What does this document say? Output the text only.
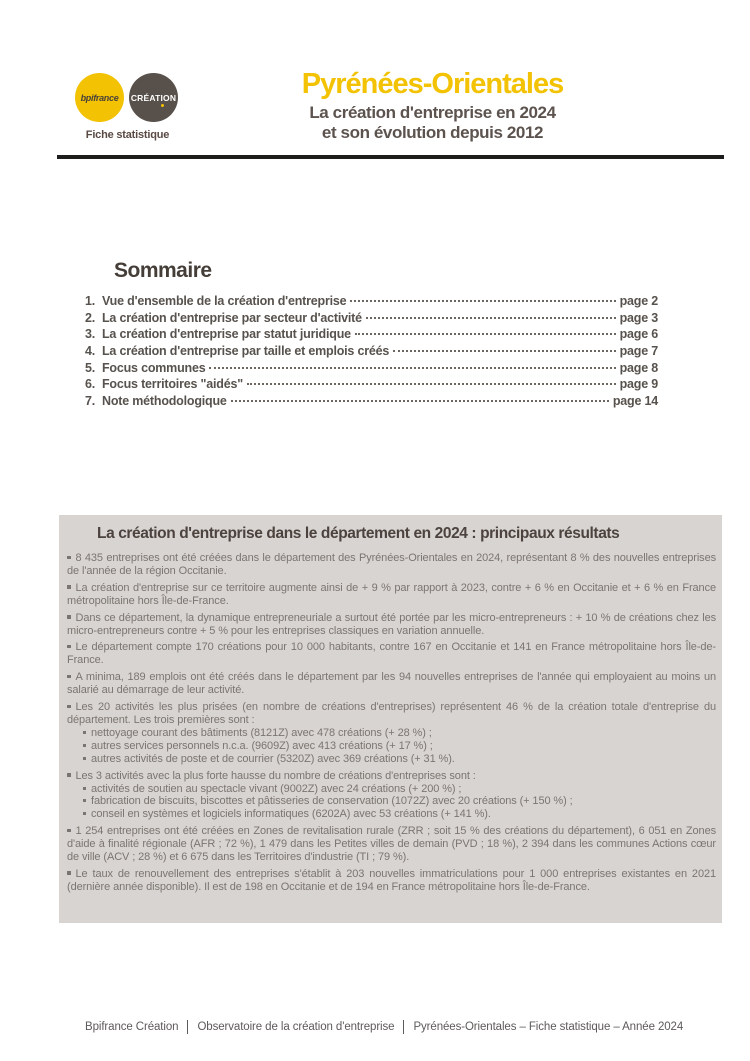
bpifrance CRÉATION
Fiche statistique
Pyrénées-Orientales
La création d'entreprise en 2024
et son évolution depuis 2012
Sommaire
1. Vue d'ensemble de la création d'entreprise	page 2
2. La création d'entreprise par secteur d'activité	page 3
3. La création d'entreprise par statut juridique	page 6
4. La création d'entreprise par taille et emplois créés	page 7
5. Focus communes	page 8
6. Focus territoires "aidés"	page 9
7. Note méthodologique	page 14
La création d'entreprise dans le département en 2024 : principaux résultats
8 435 entreprises ont été créées dans le département des Pyrénées-Orientales en 2024, représentant 8 % des nouvelles entreprises de l'année de la région Occitanie.
La création d'entreprise sur ce territoire augmente ainsi de + 9 % par rapport à 2023, contre + 6 % en Occitanie et + 6 % en France métropolitaine hors Île-de-France.
Dans ce département, la dynamique entrepreneuriale a surtout été portée par les micro-entrepreneurs : + 10 % de créations chez les micro-entrepreneurs contre + 5 % pour les entreprises classiques en variation annuelle.
Le département compte 170 créations pour 10 000 habitants, contre 167 en Occitanie et 141 en France métropolitaine hors Île-de-France.
A minima, 189 emplois ont été créés dans le département par les 94 nouvelles entreprises de l'année qui employaient au moins un salarié au démarrage de leur activité.
Les 20 activités les plus prisées (en nombre de créations d'entreprises) représentent 46 % de la création totale d'entreprise du département. Les trois premières sont :
nettoyage courant des bâtiments (8121Z) avec 478 créations (+ 28 %) ;
autres services personnels n.c.a. (9609Z) avec 413 créations (+ 17 %) ;
autres activités de poste et de courrier (5320Z) avec 369 créations (+ 31 %).
Les 3 activités avec la plus forte hausse du nombre de créations d'entreprises sont :
activités de soutien au spectacle vivant (9002Z) avec 24 créations (+ 200 %) ;
fabrication de biscuits, biscottes et pâtisseries de conservation (1072Z) avec 20 créations (+ 150 %) ;
conseil en systèmes et logiciels informatiques (6202A) avec 53 créations (+ 141 %).
1 254 entreprises ont été créées en Zones de revitalisation rurale (ZRR ; soit 15 % des créations du département), 6 051 en Zones d'aide à finalité régionale (AFR ; 72 %), 1 479 dans les Petites villes de demain (PVD ; 18 %), 2 394 dans les communes Actions cœur de ville (ACV ; 28 %) et 6 675 dans les Territoires d'industrie (TI ; 79 %).
Le taux de renouvellement des entreprises s'établit à 203 nouvelles immatriculations pour 1 000 entreprises existantes en 2021 (dernière année disponible). Il est de 198 en Occitanie et de 194 en France métropolitaine hors Île-de-France.
Bpifrance Création Observatoire de la création d'entreprise Pyrénées-Orientales – Fiche statistique – Année 2024
